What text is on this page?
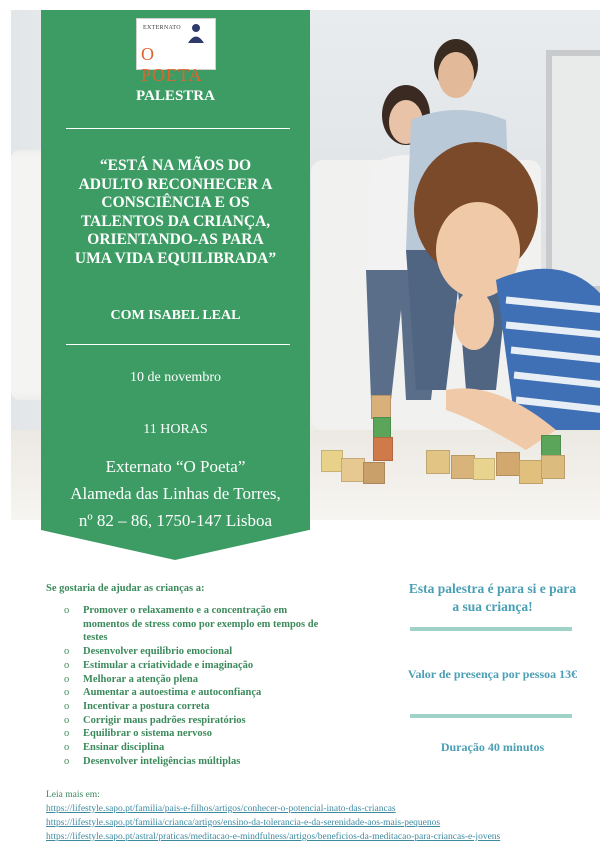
EXTERNATO
O POETA
PALESTRA
“ESTÁ NA MÃOS DO
ADULTO RECONHECER A
CONSCIÊNCIA E OS
TALENTOS DA CRIANÇA,
ORIENTANDO-AS PARA
UMA VIDA EQUILIBRADA”
COM ISABEL LEAL
10 de novembro
11 HORAS
Externato “O Poeta”
Alameda das Linhas de Torres,
nº 82 – 86, 1750-147 Lisboa
Se gostaria de ajudar as crianças a:
o Promover o relaxamento e a concentração em momentos de stress como por exemplo em tempos de testes
o Desenvolver equilíbrio emocional
o Estimular a criatividade e imaginação
o Melhorar a atenção plena
o Aumentar a autoestima e autoconfiança
o Incentivar a postura correta
o Corrigir maus padrões respiratórios
o Equilibrar o sistema nervoso
o Ensinar disciplina
o Desenvolver inteligências múltiplas
Esta palestra é para si e para a sua criança!
Valor de presença por pessoa 13€
Duração 40 minutos
Leia mais em:
https://lifestyle.sapo.pt/familia/pais-e-filhos/artigos/conhecer-o-potencial-inato-das-criancas
https://lifestyle.sapo.pt/familia/crianca/artigos/ensino-da-tolerancia-e-da-serenidade-aos-mais-pequenos
https://lifestyle.sapo.pt/astral/praticas/meditacao-e-mindfulness/artigos/beneficios-da-meditacao-para-criancas-e-jovens
